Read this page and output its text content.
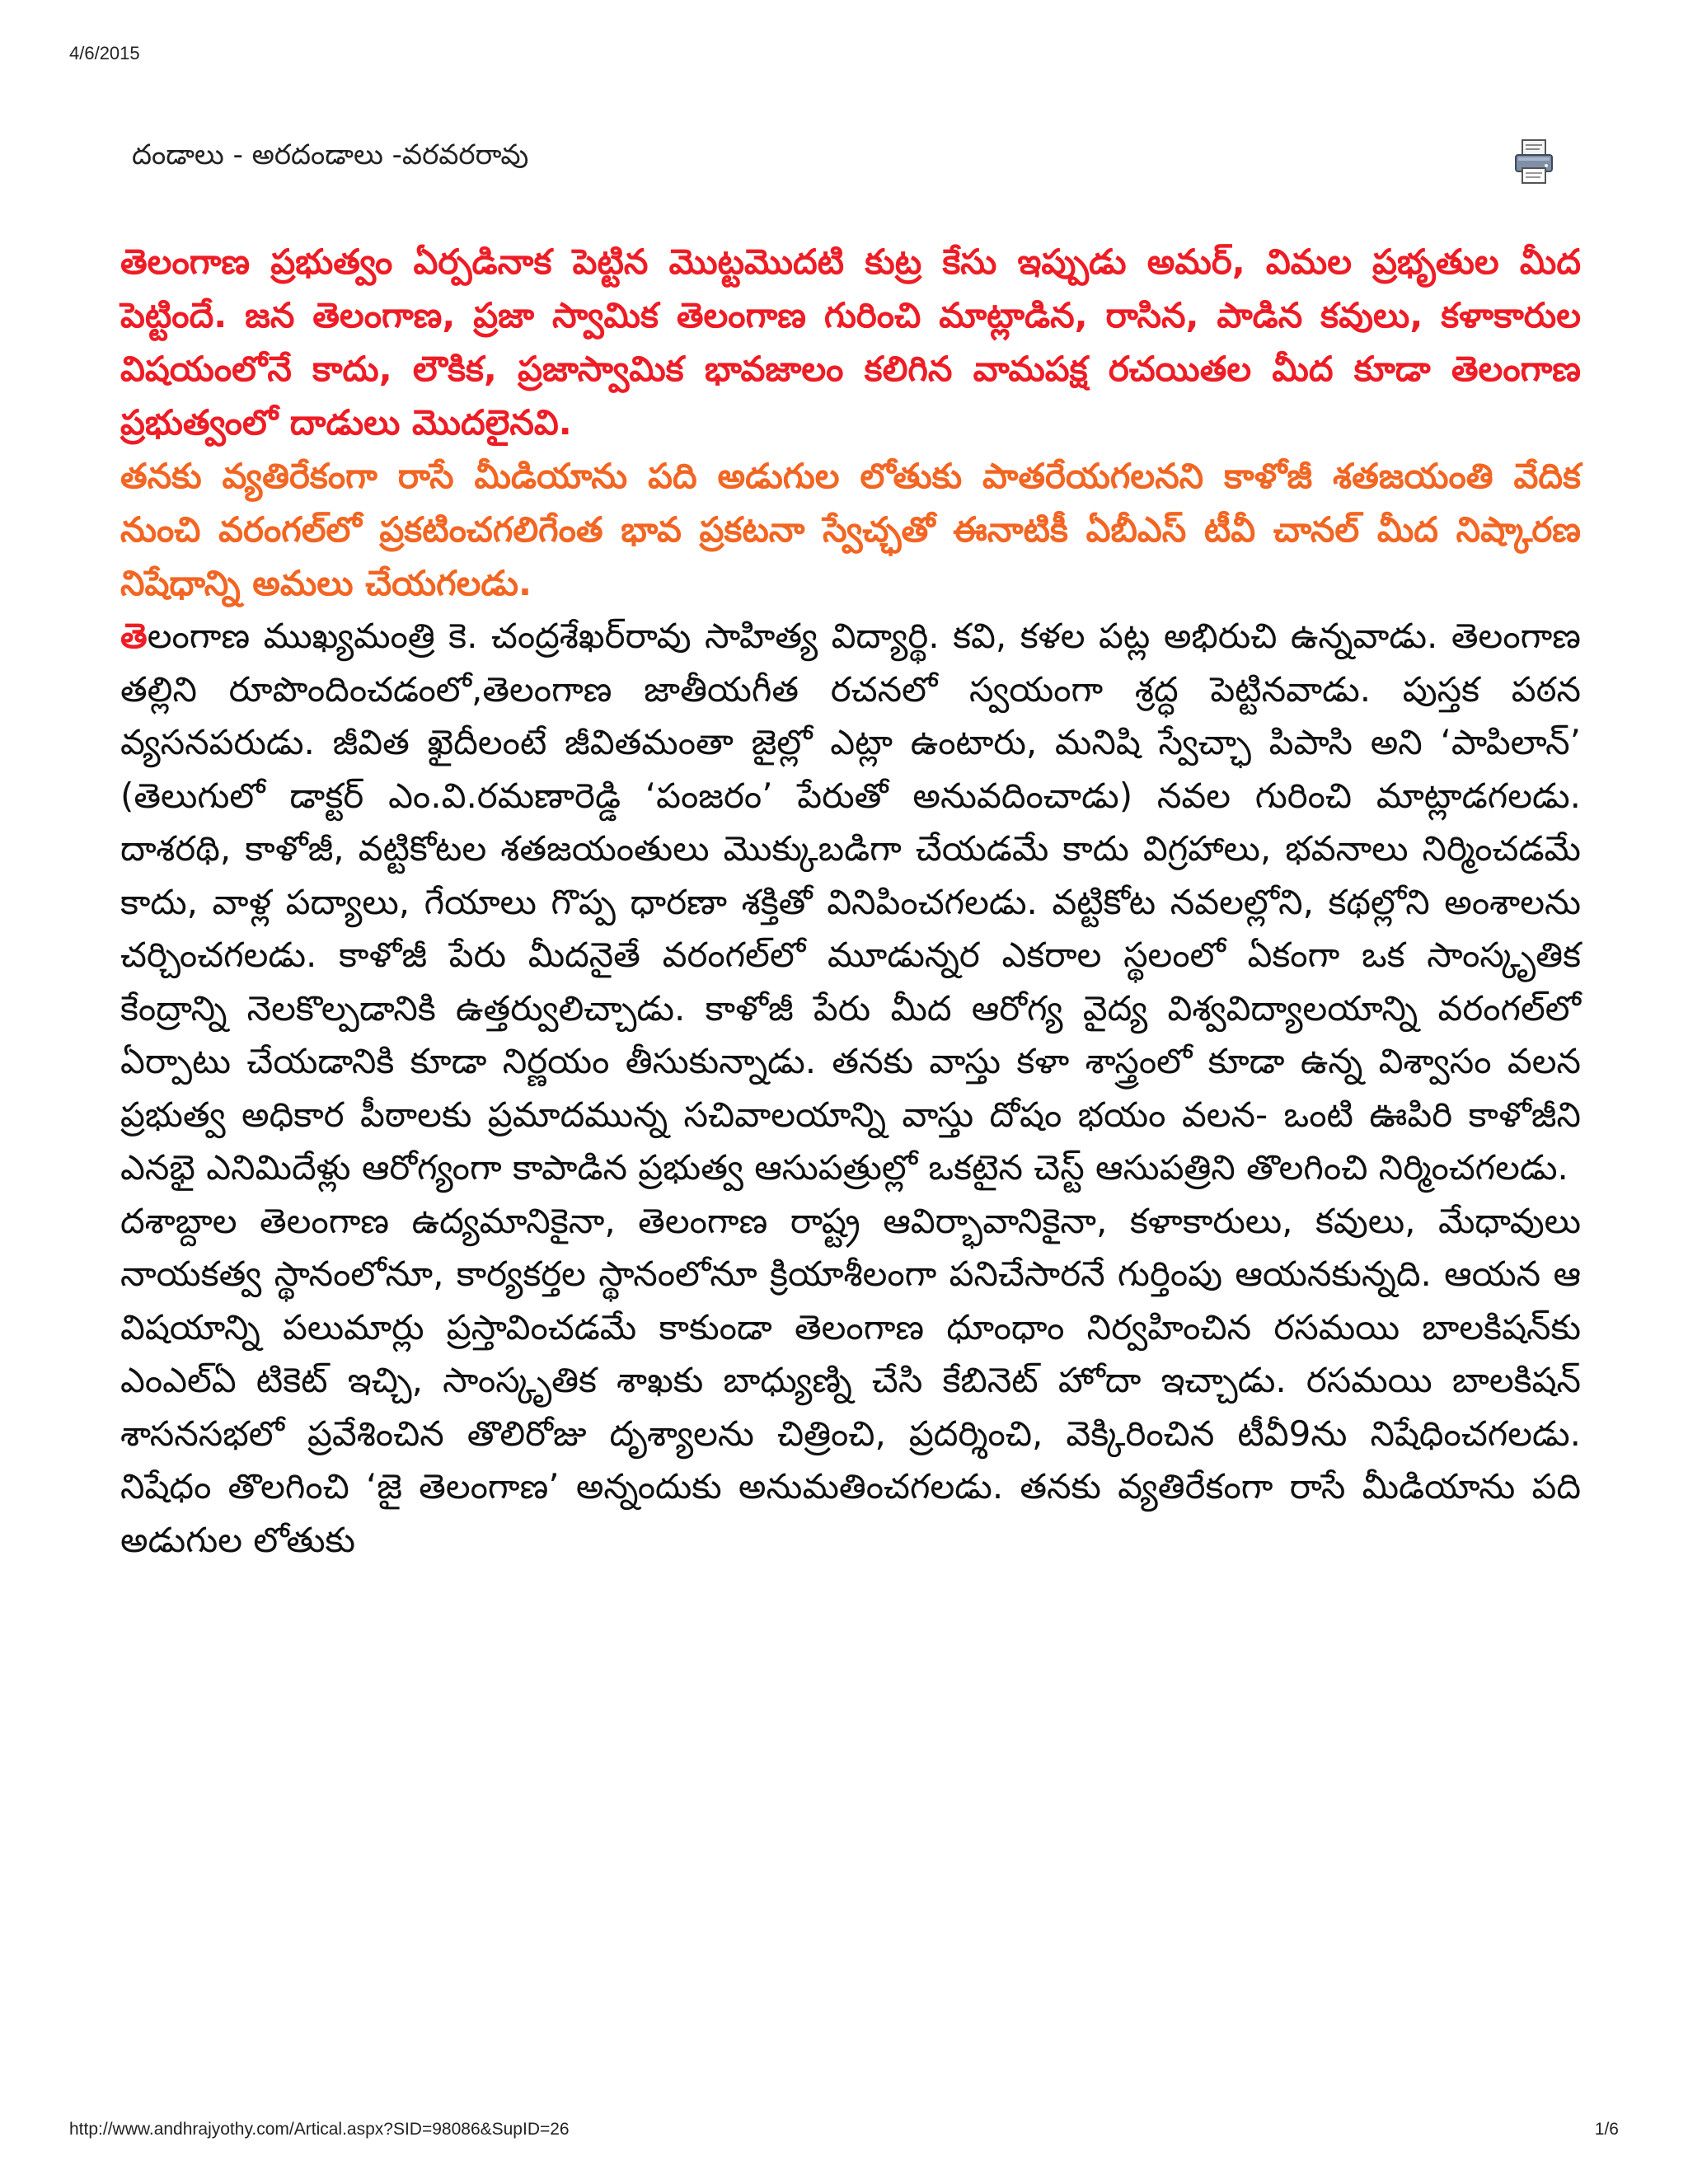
4/6/2015
దండాలు - అరదండాలు -వరవరరావు

తెలంగాణ ప్రభుత్వం ఏర్పడినాక పెట్టిన మొట్టమొదటి కుట్ర కేసు ఇప్పుడు అమర్, విమల ప్రభృతుల మీద పెట్టిందే. జన తెలంగాణ, ప్రజా స్వామిక తెలంగాణ గురించి మాట్లాడిన, రాసిన, పాడిన కవులు, కళాకారుల విషయంలోనే కాదు, లౌకిక, ప్రజాస్వామిక భావజాలం కలిగిన వామపక్ష రచయితల మీద కూడా తెలంగాణ ప్రభుత్వంలో దాడులు మొదలైనవి.

తనకు వ్యతిరేకంగా రాసే మీడియాను పది అడుగుల లోతుకు పాతరేయగలనని కాళోజీ శతజయంతి వేదిక నుంచి వరంగల్‌లో ప్రకటించగలిగేంత భావ ప్రకటనా స్వేచ్ఛతో ఈనాటికీ ఏబీఎస్ టీవీ చానల్ మీద నిష్కారణ నిషేధాన్ని అమలు చేయగలడు.

తెలంగాణ ముఖ్యమంత్రి కె. చంద్రశేఖర్‌రావు సాహిత్య విద్యార్థి. కవి, కళల పట్ల అభిరుచి ఉన్నవాడు. తెలంగాణ తల్లిని రూపొందించడంలో,తెలంగాణ జాతీయగీత రచనలో స్వయంగా శ్రద్ధ పెట్టినవాడు. పుస్తక పఠన వ్యసనపరుడు. జీవిత ఖైదీలంటే జీవితమంతా జైల్లో ఎట్లా ఉంటారు, మనిషి స్వేచ్ఛా పిపాసి అని ‘పాపిలాన్’ (తెలుగులో డాక్టర్ ఎం.వి.రమణారెడ్డి ‘పంజరం’ పేరుతో అనువదించాడు) నవల గురించి మాట్లాడగలడు. దాశరథి, కాళోజీ, వట్టికోటల శతజయంతులు మొక్కుబడిగా చేయడమే కాదు విగ్రహాలు, భవనాలు నిర్మించడమే కాదు, వాళ్ల పద్యాలు, గేయాలు గొప్ప ధారణా శక్తితో వినిపించగలడు. వట్టికోట నవలల్లోని, కథల్లోని అంశాలను చర్చించగలడు. కాళోజీ పేరు మీదనైతే వరంగల్‌లో మూడున్నర ఎకరాల స్థలంలో ఏకంగా ఒక సాంస్కృతిక కేంద్రాన్ని నెలకొల్పడానికి ఉత్తర్వులిచ్చాడు. కాళోజీ పేరు మీద ఆరోగ్య వైద్య విశ్వవిద్యాలయాన్ని వరంగల్‌లో ఏర్పాటు చేయడానికి కూడా నిర్ణయం తీసుకున్నాడు. తనకు వాస్తు కళా శాస్త్రంలో కూడా ఉన్న విశ్వాసం వలన ప్రభుత్వ అధికార పీఠాలకు ప్రమాదమున్న సచివాలయాన్ని వాస్తు దోషం భయం వలన- ఒంటి ఊపిరి కాళోజీని ఎనభై ఎనిమిదేళ్లు ఆరోగ్యంగా కాపాడిన ప్రభుత్వ ఆసుపత్రుల్లో ఒకటైన చెస్ట్ ఆసుపత్రిని తొలగించి నిర్మించగలడు.

దశాబ్దాల తెలంగాణ ఉద్యమానికైనా, తెలంగాణ రాష్ట్ర ఆవిర్భావానికైనా, కళాకారులు, కవులు, మేధావులు నాయకత్వ స్థానంలోనూ, కార్యకర్తల స్థానంలోనూ క్రియాశీలంగా పనిచేసారనే గుర్తింపు ఆయనకున్నది. ఆయన ఆ విషయాన్ని పలుమార్లు ప్రస్తావించడమే కాకుండా తెలంగాణ ధూంధాం నిర్వహించిన రసమయి బాలకిషన్‌కు ఎంఎల్ఏ టికెట్ ఇచ్చి, సాంస్కృతిక శాఖకు బాధ్యుణ్ని చేసి కేబినెట్ హోదా ఇచ్చాడు. రసమయి బాలకిషన్ శాసనసభలో ప్రవేశించిన తొలిరోజు దృశ్యాలను చిత్రించి, ప్రదర్శించి, వెక్కిరించిన టీవీ9ను నిషేధించగలడు. నిషేధం తొలగించి ‘జై తెలంగాణ’ అన్నందుకు అనుమతించగలడు. తనకు వ్యతిరేకంగా రాసే మీడియాను పది అడుగుల లోతుకు

http://www.andhrajyothy.com/Artical.aspx?SID=98086&SupID=26	1/6
